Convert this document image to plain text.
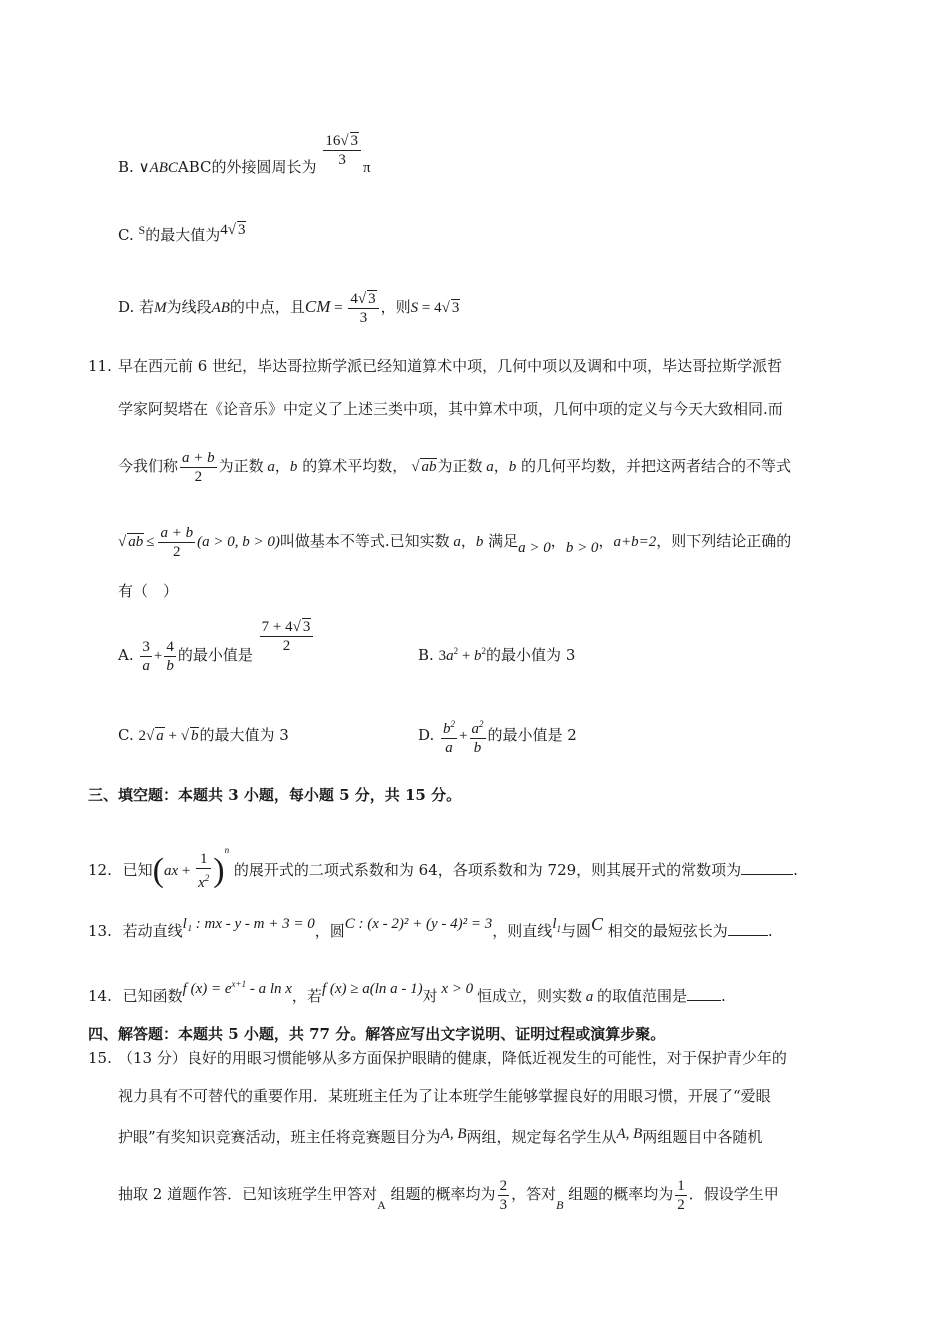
B. ∨ABCABC的外接圆周长为 $\frac{16√ 3}{3}$ π
C. $^S$的最大值为4√ 3
D. 若M为线段AB的中点，且CM = $\frac{4√ 3}{3}$ ，则S = 4√ 3
11. 早在西元前 6 世纪，毕达哥拉斯学派已经知道算术中项，几何中项以及调和中项，毕达哥拉斯学派哲
学家阿契塔在《论音乐》中定义了上述三类中项，其中算术中项，几何中项的定义与今天大致相同.而
今我们称 $\frac{a + b}{2}$ 为正数 a，b 的算术平均数， √ ab为正数 a，b 的几何平均数，并把这两者结合的不等式
√ ab ≤ $\frac{a + b}{2} (a > 0$, b > 0)叫做基本不等式.已知实数 a，b 满足a > 0，b > 0，a+b=2，则下列结论正确的
有（　）
A. $\frac{3}{a} + \frac{4}{b}$ 的最小值是 $\frac{7 + 4√ 3}{2}$	B. $3a^2 + b^2$的最小值为 3
C. 2√ a + √ b的最大值为 3	D. $\frac{b^2}{a} + \frac{a^2}{b}$ 的最小值是 2
三、填空题：本题共 3 小题，每小题 5 分，共 15 分。
12. 已知$(ax + \frac{1}{x^2} )^n$ 的展开式的二项式系数和为 64，各项系数和为 729，则其展开式的常数项为	.
13. 若动直线l₁ : mx - y - m + 3 = 0，圆C : (x - 2)² + (y - 4)² = 3，则直线$l_1$与圆C 相交的最短弦长为	.
14. 已知函数f $(x) = e^{x+1} - a$ ln x，若f (x) ≥ a(ln a - 1)对 x > 0 恒成立，则实数 a 的取值范围是 .
四、解答题：本题共 5 小题，共 77 分。解答应写出文字说明、证明过程或演算步聚。
15. （13 分）良好的用眼习惯能够从多方面保护眼睛的健康，降低近视发生的可能性，对于保护青少年的
视力具有不可替代的重要作用．某班班主任为了让本班学生能够掌握良好的用眼习惯，开展了“爱眼
护眼”有奖知识竞赛活动，班主任将竞赛题目分为A, B两组，规定每名学生从A, B两组题目中各随机
抽取 2 道题作答．已知该班学生甲答对$_A$ 组题的概率均为 $\frac{2}{3}$ ，答对$_B$ 组题的概率均为 $\frac{1}{2}$ ．假设学生甲
